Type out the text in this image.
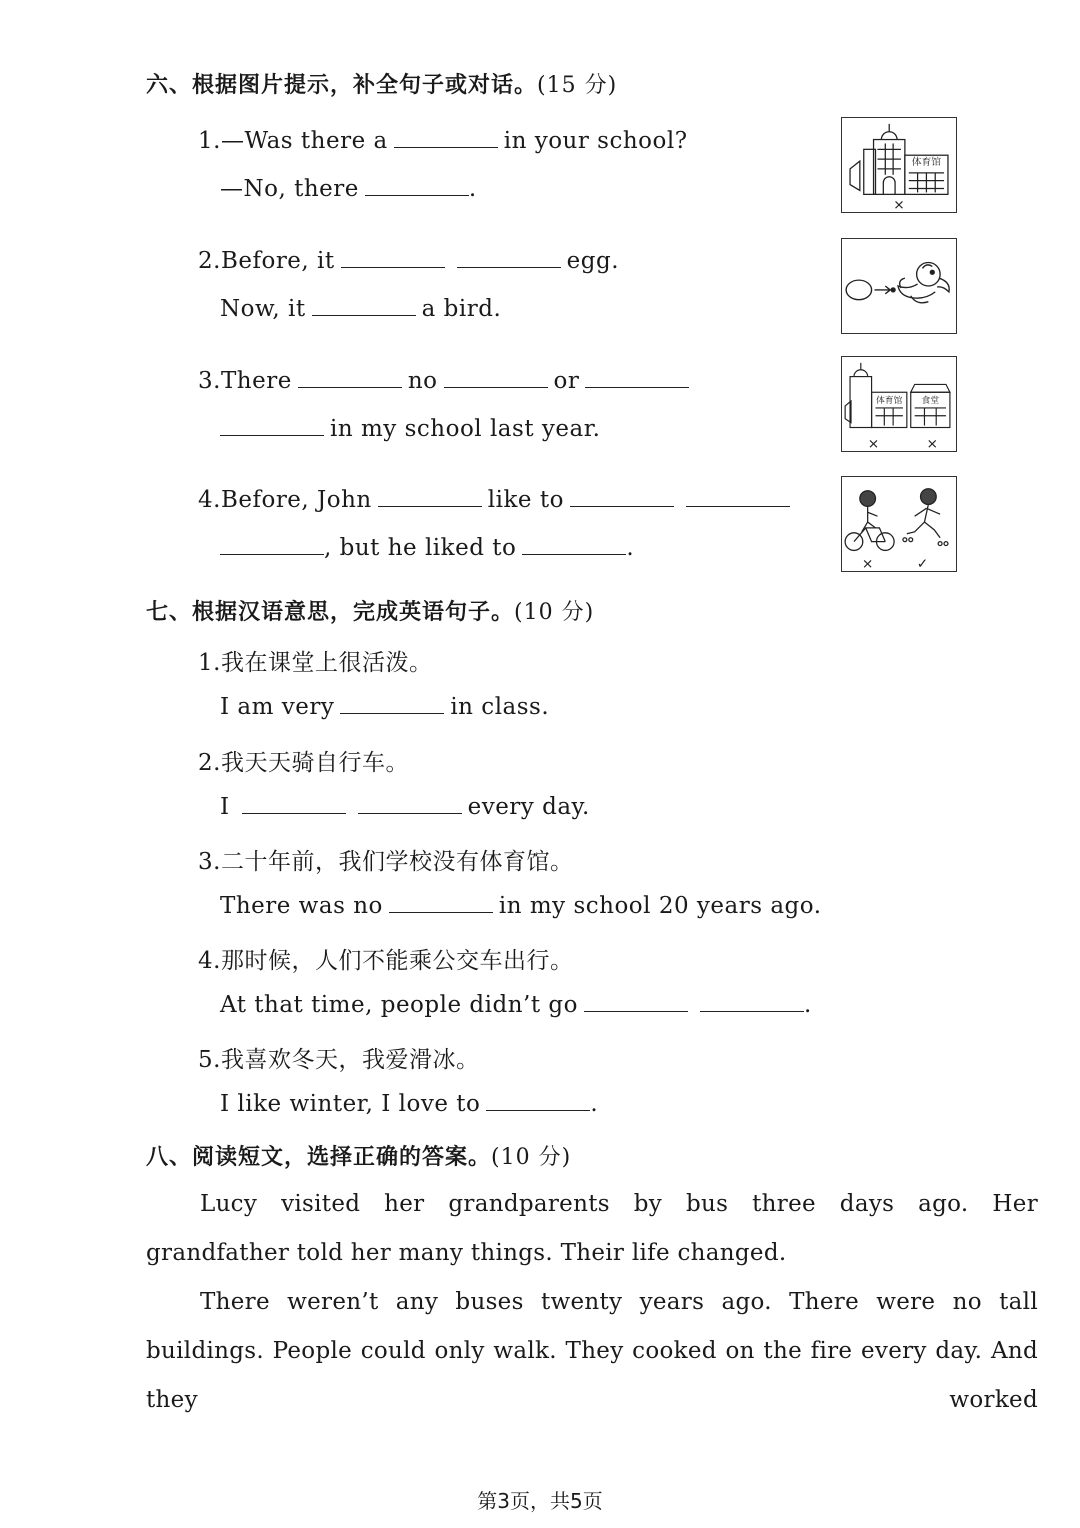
六、根据图片提示，补全句子或对话。(15 分)
1.—Was there a	in your school?
—No, there	.
2.Before, it	egg.
Now, it	a bird.
3.There	no	or
in my school last year.
4.Before, John	like to
, but he liked to	.
体育馆
×
体育馆 食堂
×	×
×	✓
七、根据汉语意思，完成英语句子。(10 分)
1.我在课堂上很活泼。
I am very	in class.
2.我天天骑自行车。
I	every day.
3.二十年前，我们学校没有体育馆。
There was no	in my school 20 years ago.
4.那时候，人们不能乘公交车出行。
At that time, people didn’t go	.
5.我喜欢冬天，我爱滑冰。
I like winter, I love to	.
八、阅读短文，选择正确的答案。(10 分)

Lucy visited her grandparents by bus three days ago. Her grandfather told her many things. Their life changed.

There weren’t any buses twenty years ago. There were no tall buildings. People could only walk. They cooked on the fire every day. And they worked

第3页，共5页
